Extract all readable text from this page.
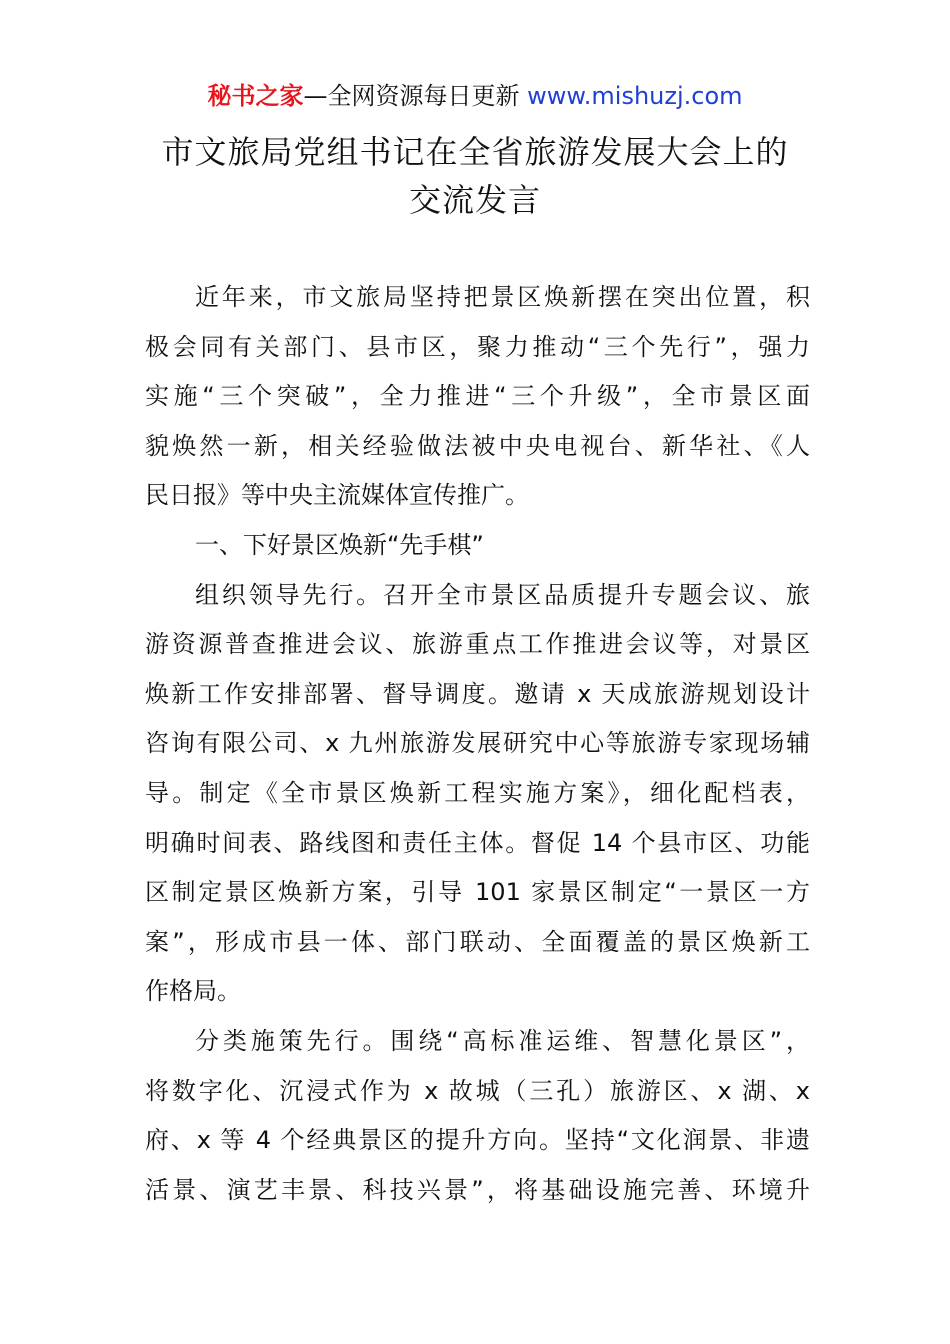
秘书之家—全网资源每日更新 www.mishuzj.com
市文旅局党组书记在全省旅游发展大会上的
交流发言
近年来，市文旅局坚持把景区焕新摆在突出位置，积
极会同有关部门、县市区，聚力推动“三个先行”，强力
实施“三个突破”，全力推进“三个升级”，全市景区面
貌焕然一新，相关经验做法被中央电视台、新华社、《人
民日报》等中央主流媒体宣传推广。
一、下好景区焕新“先手棋”
组织领导先行。召开全市景区品质提升专题会议、旅
游资源普查推进会议、旅游重点工作推进会议等，对景区
焕新工作安排部署、督导调度。邀请 x 天成旅游规划设计
咨询有限公司、x 九州旅游发展研究中心等旅游专家现场辅
导。制定《全市景区焕新工程实施方案》，细化配档表，
明确时间表、路线图和责任主体。督促 14 个县市区、功能
区制定景区焕新方案，引导 101 家景区制定“一景区一方
案”，形成市县一体、部门联动、全面覆盖的景区焕新工
作格局。
分类施策先行。围绕“高标准运维、智慧化景区”，
将数字化、沉浸式作为 x 故城（三孔）旅游区、x 湖、x
府、x 等 4 个经典景区的提升方向。坚持“文化润景、非遗
活景、演艺丰景、科技兴景”，将基础设施完善、环境升
